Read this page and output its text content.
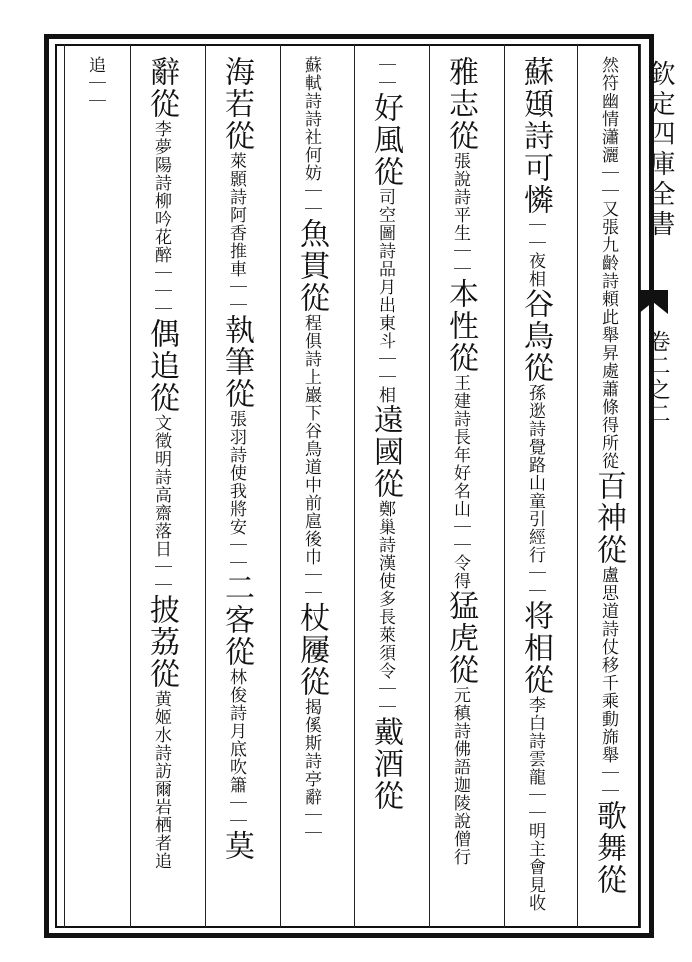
欽定四庫全書
卷二之二
然符幽情瀟灑｜｜又張九齡詩頼此舉昇處蕭條得所從百神從盧思道詩仗移千乘動旆舉｜｜歌舞從
蘇頲詩可憐｜｜夜相谷鳥從孫逖詩覺路山童引經行｜｜将相從李白詩雲龍｜｜明主會見收
雅志從張說詩平生｜｜本性從王建詩長年好名山｜｜令得猛虎從元稹詩佛語迦陵說僧行
｜｜好風從司空圖詩品月出東斗｜｜相遠國從鄭巢詩漢使多長萊須令｜｜戴酒從
蘇軾詩詩社何妨｜｜魚貫從程俱詩上巖下谷鳥道中前扈後巾｜｜杖屨從揭傒斯詩亭辭｜｜
海若從萊顥詩阿香推車｜｜執筆從張羽詩使我將安｜｜二客從林俊詩月底吹簫｜｜莫
辭從李夢陽詩柳吟花醉｜｜｜偶追從文徵明詩高齋落日｜｜披荔從黄姬水詩訪爾岩栖者追
追｜｜
